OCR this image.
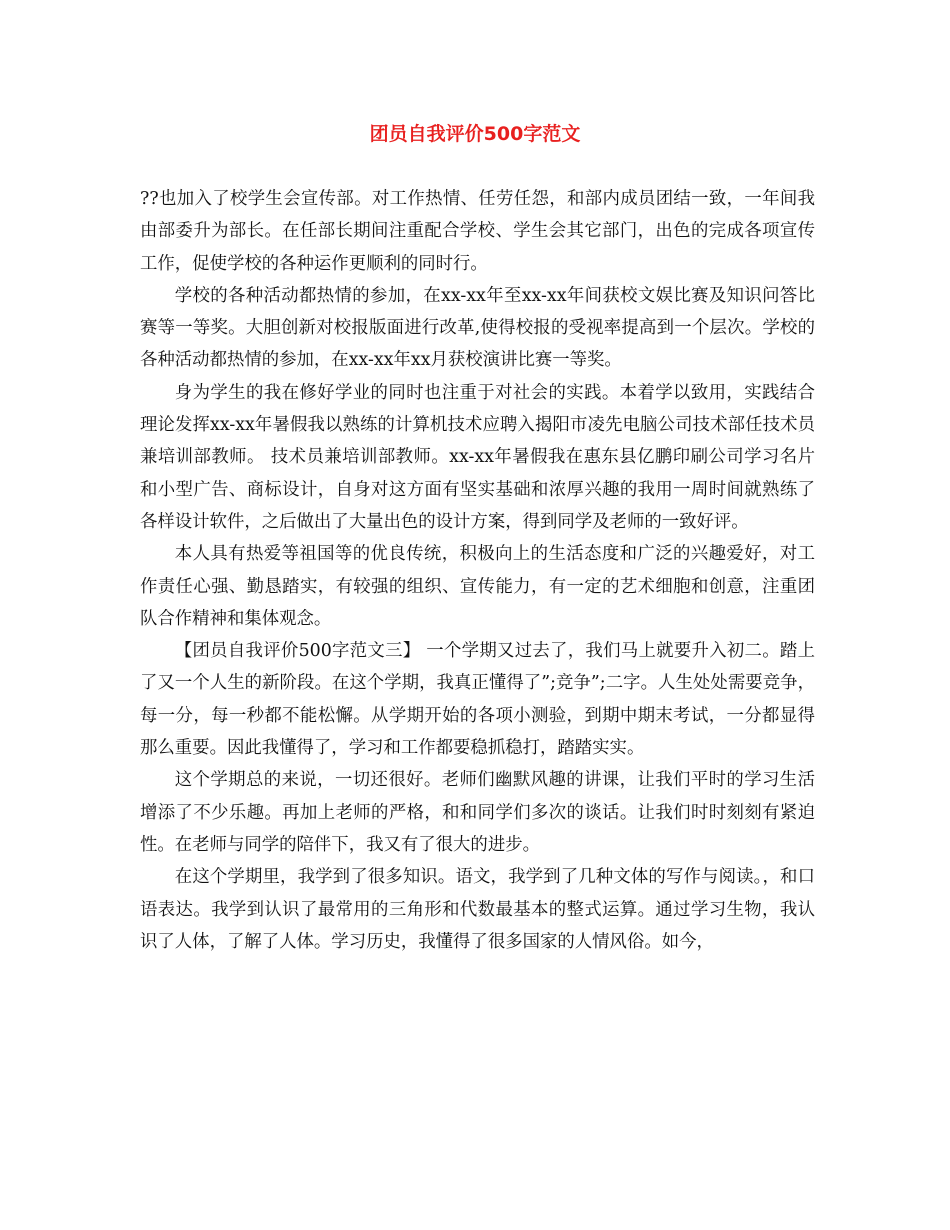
团员自我评价500字范文

??也加入了校学生会宣传部。对工作热情、任劳任怨，和部内成员团结一致，一年间我由部委升为部长。在任部长期间注重配合学校、学生会其它部门，出色的完成各项宣传工作，促使学校的各种运作更顺利的同时行。

学校的各种活动都热情的参加，在xx-xx年至xx-xx年间获校文娱比赛及知识问答比赛等一等奖。大胆创新对校报版面进行改革,使得校报的受视率提高到一个层次。学校的各种活动都热情的参加，在xx-xx年xx月获校演讲比赛一等奖。

身为学生的我在修好学业的同时也注重于对社会的实践。本着学以致用，实践结合理论发挥xx-xx年暑假我以熟练的计算机技术应聘入揭阳市凌先电脑公司技术部任技术员兼培训部教师。 技术员兼培训部教师。xx-xx年暑假我在惠东县亿鹏印刷公司学习名片和小型广告、商标设计，自身对这方面有坚实基础和浓厚兴趣的我用一周时间就熟练了各样设计软件，之后做出了大量出色的设计方案，得到同学及老师的一致好评。

本人具有热爱等祖国等的优良传统，积极向上的生活态度和广泛的兴趣爱好，对工作责任心强、勤恳踏实，有较强的组织、宣传能力，有一定的艺术细胞和创意，注重团队合作精神和集体观念。

【团员自我评价500字范文三】 一个学期又过去了，我们马上就要升入初二。踏上了又一个人生的新阶段。在这个学期，我真正懂得了”;竞争”;二字。人生处处需要竞争，每一分，每一秒都不能松懈。从学期开始的各项小测验，到期中期末考试，一分都显得那么重要。因此我懂得了，学习和工作都要稳抓稳打，踏踏实实。

这个学期总的来说，一切还很好。老师们幽默风趣的讲课，让我们平时的学习生活增添了不少乐趣。再加上老师的严格，和和同学们多次的谈话。让我们时时刻刻有紧迫性。在老师与同学的陪伴下，我又有了很大的进步。

在这个学期里，我学到了很多知识。语文，我学到了几种文体的写作与阅读。，和口语表达。我学到认识了最常用的三角形和代数最基本的整式运算。通过学习生物，我认识了人体，了解了人体。学习历史，我懂得了很多国家的人情风俗。如今，
